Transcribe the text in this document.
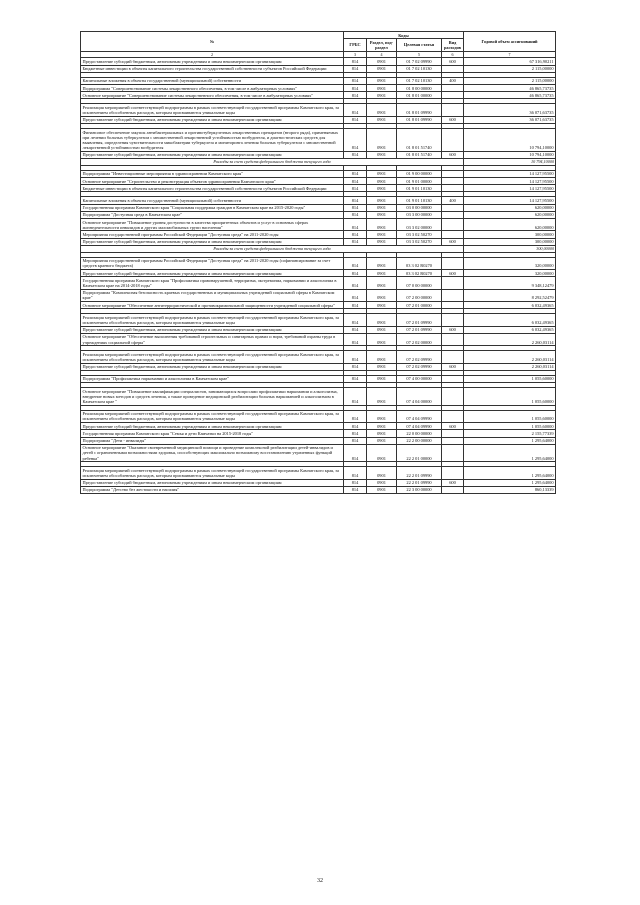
№	Коды				Годовой объем ассигнований
	ГРБС	Раздел, под-раздел	Целевая статья	Вид расходов	
2	3	4	5	6	7
Предоставление субсидий бюджетным, автономным учреждениям и иным некоммерческим организациям	814	0901	01 7 02 09990	600	67 316,90211
Бюджетные инвестиции в объекты капитального строительства государственной собственности субъектов Российской Федерации	814	0901	01 7 02 10130		2 115,00000

Капитальные вложения в объекты государственной (муниципальной) собственности	814	0901	01 7 02 10130	400	2 115,00000
Подпрограмма "Совершенствование системы лекарственного обеспечения, в том числе в амбулаторных условиях"	814	0901	01 8 00 00000		46 865,73735
Основное мероприятие "Совершенствование системы лекарственного обеспечения, в том числе в амбулаторных условиях"	814	0901	01 8 01 00000		46 865,73735

Реализация мероприятий соответствующей подпрограммы в рамках соответствующей государственной программы Камчатского края, за исключением обособленных расходов, которым присваиваются уникальные коды	814	0901	01 8 01 09990		36 071,63735
Предоставление субсидий бюджетным, автономным учреждениям и иным некоммерческим организациям	814	0901	01 8 01 09990	600	36 071,63735

Финансовое обеспечение закупок антибактериальных и противотуберкулезных лекарственных препаратов (второго ряда), применяемых при лечении больных туберкулезом с множественной лекарственной устойчивостью возбудителя, и диагностических средств для выявления, определения чувствительности микобактерии туберкулеза и мониторинга лечения больных туберкулезом с множественной лекарственной устойчивостью возбудителя	814	0901	01 8 01 51740		10 794,10000
Предоставление субсидий бюджетным, автономным учреждениям и иным некоммерческим организациям	814	0901	01 8 01 51740	600	10 794,10000
Расходы за счет средств федерального бюджета текущего года					10 794,10000

Подпрограмма "Инвестиционные мероприятия в здравоохранении Камчатского края"	814	0901	01 9 00 00000		14 127,95500
Основное мероприятие "Строительство и реконструкция объектов здравоохранения Камчатского края"	814	0901	01 9 01 00000		14 127,95500
Бюджетные инвестиции в объекты капитального строительства государственной собственности субъектов Российской Федерации	814	0901	01 9 01 10130		14 127,95500

Капитальные вложения в объекты государственной (муниципальной) собственности	814	0901	01 9 01 10130	400	14 127,95500
Государственная программа Камчатского края "Социальная поддержка граждан в Камчатском крае на 2015-2020 годы"	814	0901	03 0 00 00000		620,00000
Подпрограмма "Доступная среда в Камчатском крае"	814	0901	03 3 00 00000		620,00000
Основное мероприятие "Повышение уровня доступности в качества приоритетных объектов и услуг в основных сферах жизнедеятельности инвалидов и других маломобильных групп населения"	814	0901	03 3 02 00000		620,00000
Мероприятия государственной программы Российской Федерации "Доступная среда" на 2011-2020 годы	814	0901	03 3 02 50270		300,00000
Предоставление субсидий бюджетным, автономным учреждениям и иным некоммерческим организациям	814	0901	03 3 02 50270	600	300,00000
Расходы за счет средств федерального бюджета текущего года					300,00000

Мероприятия государственной программы Российской Федерации "Доступная среда" на 2011-2020 годы (софинансирование за счет средств краевого бюджета)	814	0901	03 3 02 R0270		320,00000
Предоставление субсидий бюджетным, автономным учреждениям и иным некоммерческим организациям	814	0901	03 3 02 R0270	600	320,00000
Государственная программа Камчатского края "Профилактика правонарушений, терроризма, экстремизма, наркомании и алкоголизма в Камчатском крае на 2014-2018 годы"	814	0901	07 0 00 00000		9 348,12479
Подпрограмма "Комплексная безопасность краевых государственных и муниципальных учреждений социальной сферы в Камчатском крае"	814	0901	07 2 00 00000		8 292,52479
Основное мероприятие "Обеспечение антитеррористической и противокриминальной защищенности учреждений социальной сферы"	814	0901	07 2 01 00000		6 032,49365

Реализация мероприятий соответствующей подпрограммы в рамках соответствующей государственной программы Камчатского края, за исключением обособленных расходов, которым присваиваются уникальные коды	814	0901	07 2 01 09990		6 032,49365
Предоставление субсидий бюджетным, автономным учреждениям и иным некоммерческим организациям	814	0901	07 2 01 09990	600	6 032,49365
Основное мероприятие "Обеспечение выполнения требований строительных и санитарных правил и норм, требований охраны труда в учреждениях социальной сферы"	814	0901	07 2 02 00000		2 260,03114

Реализация мероприятий соответствующей подпрограммы в рамках соответствующей государственной программы Камчатского края, за исключением обособленных расходов, которым присваиваются уникальные коды	814	0901	07 2 02 09990		2 260,03114
Предоставление субсидий бюджетным, автономным учреждениям и иным некоммерческим организациям	814	0901	07 2 02 09990	600	2 260,03114

Подпрограмма "Профилактика наркомании и алкоголизма в Камчатском крае"	814	0901	07 4 00 00000		1 055,60000

Основное мероприятие "Повышение квалификации специалистов, занимающихся вопросами профилактики наркомании и алкоголизма, внедрение новых методов и средств лечения, а также проведение медицинской реабилитации больных наркоманией и алкоголизмом в Камчатском крае "	814	0901	07 4 04 00000		1 055,60000

Реализация мероприятий соответствующей подпрограммы в рамках соответствующей государственной программы Камчатского края, за исключением обособленных расходов, которым присваиваются уникальные коды	814	0901	07 4 04 09990		1 055,60000
Предоставление субсидий бюджетным, автономным учреждениям и иным некоммерческим организациям	814	0901	07 4 04 09990	600	1 055,60000
Государственная программа Камчатского края "Семья и дети Камчатки на 2015-2018 годы"	814	0901	22 0 00 00000		2 155,77339
Подпрограмма "Дети - инвалиды"	814	0901	22 2 00 00000		1 295,64000
Основное мероприятие "Оказание своевременной медицинской помощи и проведение комплексной реабилитации детей-инвалидов и детей с ограниченными возможностями здоровья, способствующих максимально возможному восстановлению утраченных функций ребенка"	814	0901	22 2 01 00000		1 295,64000

Реализация мероприятий соответствующей подпрограммы в рамках соответствующей государственной программы Камчатского края, за исключением обособленных расходов, которым присваиваются уникальные коды	814	0901	22 2 01 09990		1 295,64000
Предоставление субсидий бюджетным, автономным учреждениям и иным некоммерческим организациям	814	0901	22 2 01 09990	600	1 295,64000
Подпрограмма "Детство без жестокости и насилия"	814	0901	22 3 00 00000		860,13339
32
